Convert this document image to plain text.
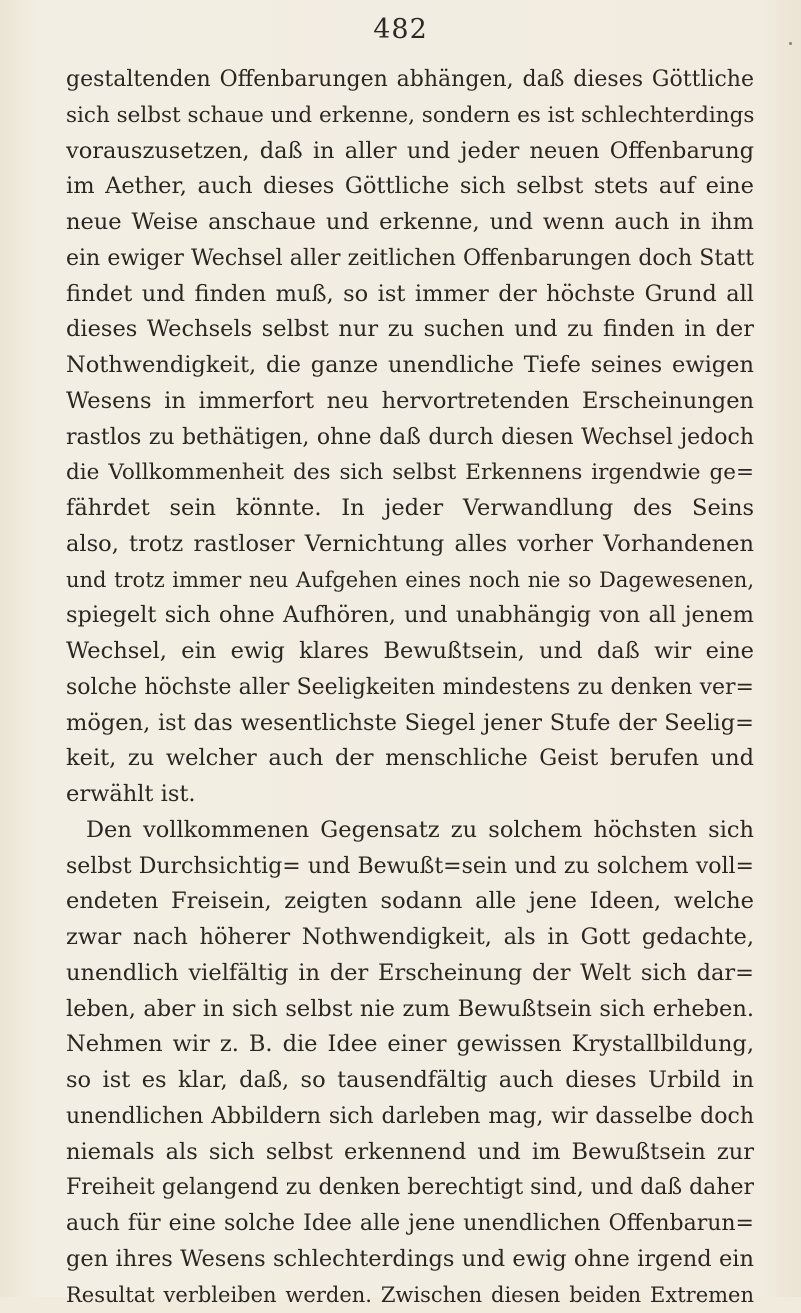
482
gestaltenden Offenbarungen abhängen, daß dieses Göttliche
sich selbst schaue und erkenne, sondern es ist schlechterdings
vorauszusetzen, daß in aller und jeder neuen Offenbarung
im Aether, auch dieses Göttliche sich selbst stets auf eine
neue Weise anschaue und erkenne, und wenn auch in ihm
ein ewiger Wechsel aller zeitlichen Offenbarungen doch Statt
findet und finden muß, so ist immer der höchste Grund all
dieses Wechsels selbst nur zu suchen und zu finden in der
Nothwendigkeit, die ganze unendliche Tiefe seines ewigen
Wesens in immerfort neu hervortretenden Erscheinungen
rastlos zu bethätigen, ohne daß durch diesen Wechsel jedoch
die Vollkommenheit des sich selbst Erkennens irgendwie ge=
fährdet sein könnte. In jeder Verwandlung des Seins
also, trotz rastloser Vernichtung alles vorher Vorhandenen
und trotz immer neu Aufgehen eines noch nie so Dagewesenen,
spiegelt sich ohne Aufhören, und unabhängig von all jenem
Wechsel, ein ewig klares Bewußtsein, und daß wir eine
solche höchste aller Seeligkeiten mindestens zu denken ver=
mögen, ist das wesentlichste Siegel jener Stufe der Seelig=
keit, zu welcher auch der menschliche Geist berufen und
erwählt ist.
Den vollkommenen Gegensatz zu solchem höchsten sich
selbst Durchsichtig= und Bewußt=sein und zu solchem voll=
endeten Freisein, zeigten sodann alle jene Ideen, welche
zwar nach höherer Nothwendigkeit, als in Gott gedachte,
unendlich vielfältig in der Erscheinung der Welt sich dar=
leben, aber in sich selbst nie zum Bewußtsein sich erheben.
Nehmen wir z. B. die Idee einer gewissen Krystallbildung,
so ist es klar, daß, so tausendfältig auch dieses Urbild in
unendlichen Abbildern sich darleben mag, wir dasselbe doch
niemals als sich selbst erkennend und im Bewußtsein zur
Freiheit gelangend zu denken berechtigt sind, und daß daher
auch für eine solche Idee alle jene unendlichen Offenbarun=
gen ihres Wesens schlechterdings und ewig ohne irgend ein
Resultat verbleiben werden. Zwischen diesen beiden Extremen
